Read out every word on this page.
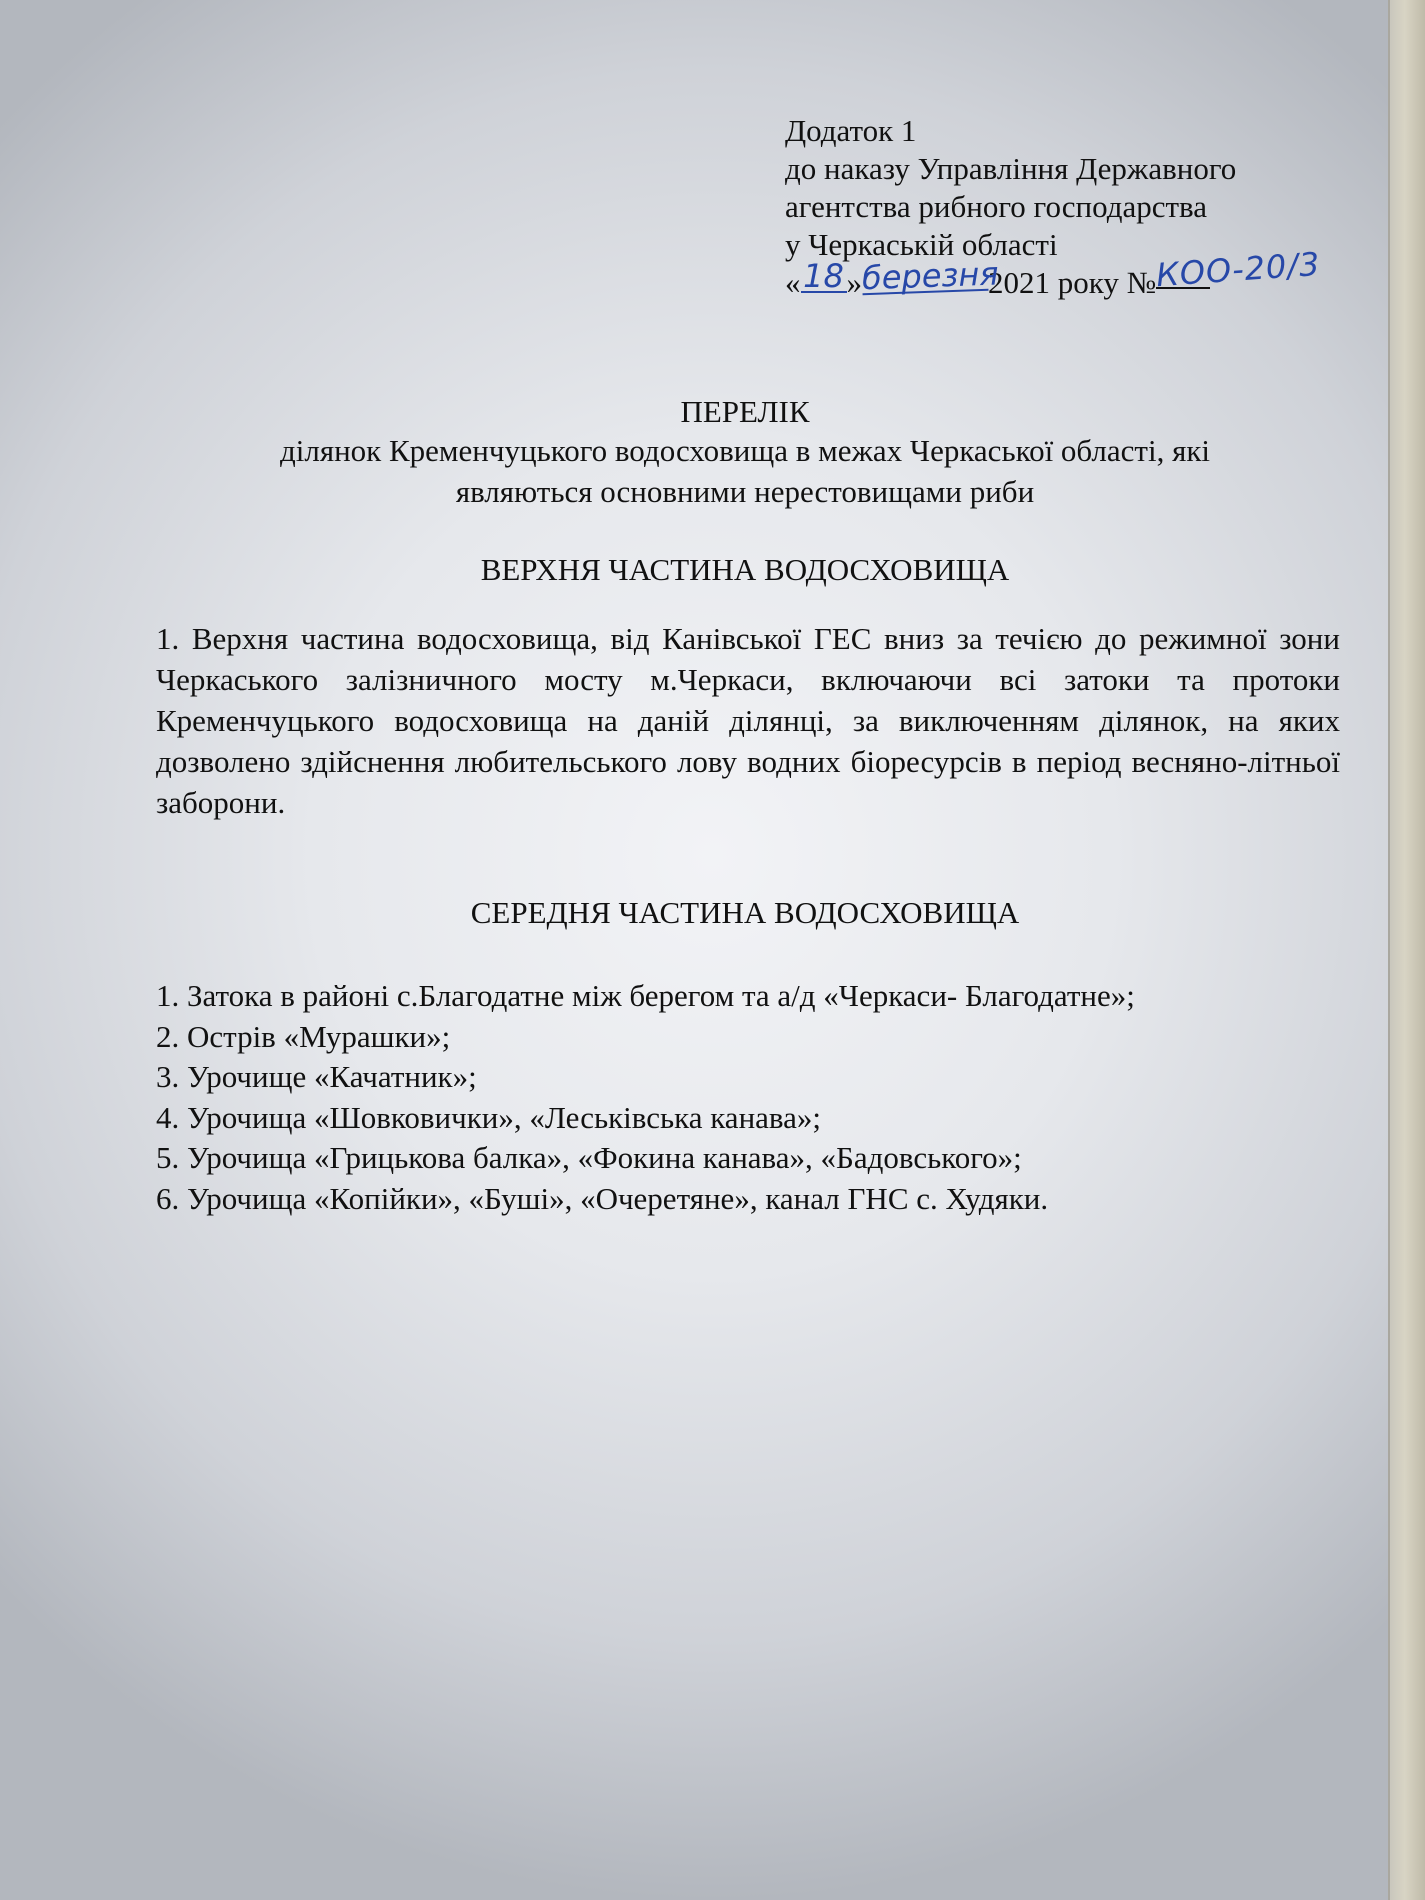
Додаток 1
до наказу Управління Державного
агентства рибного господарства
у Черкаській області
«18»березня2021 року №КОО-20/3
ПЕРЕЛІК
ділянок Кременчуцького водосховища в межах Черкаської області, які
являються основними нерестовищами риби
ВЕРХНЯ ЧАСТИНА ВОДОСХОВИЩА
1. Верхня частина водосховища, від Канівської ГЕС вниз за течією до режимної зони Черкаського залізничного мосту м.Черкаси, включаючи всі затоки та протоки Кременчуцького водосховища на даній ділянці, за виключенням ділянок, на яких дозволено здійснення любительського лову водних біоресурсів в період весняно-літньої заборони.
СЕРЕДНЯ ЧАСТИНА ВОДОСХОВИЩА
1. Затока в районі с.Благодатне між берегом та а/д «Черкаси- Благодатне»;
2. Острів «Мурашки»;
3. Урочище «Качатник»;
4. Урочища «Шовковички», «Леськівська канава»;
5. Урочища «Грицькова балка», «Фокина канава», «Бадовського»;
6. Урочища «Копійки», «Буші», «Очеретяне», канал ГНС с. Худяки.
